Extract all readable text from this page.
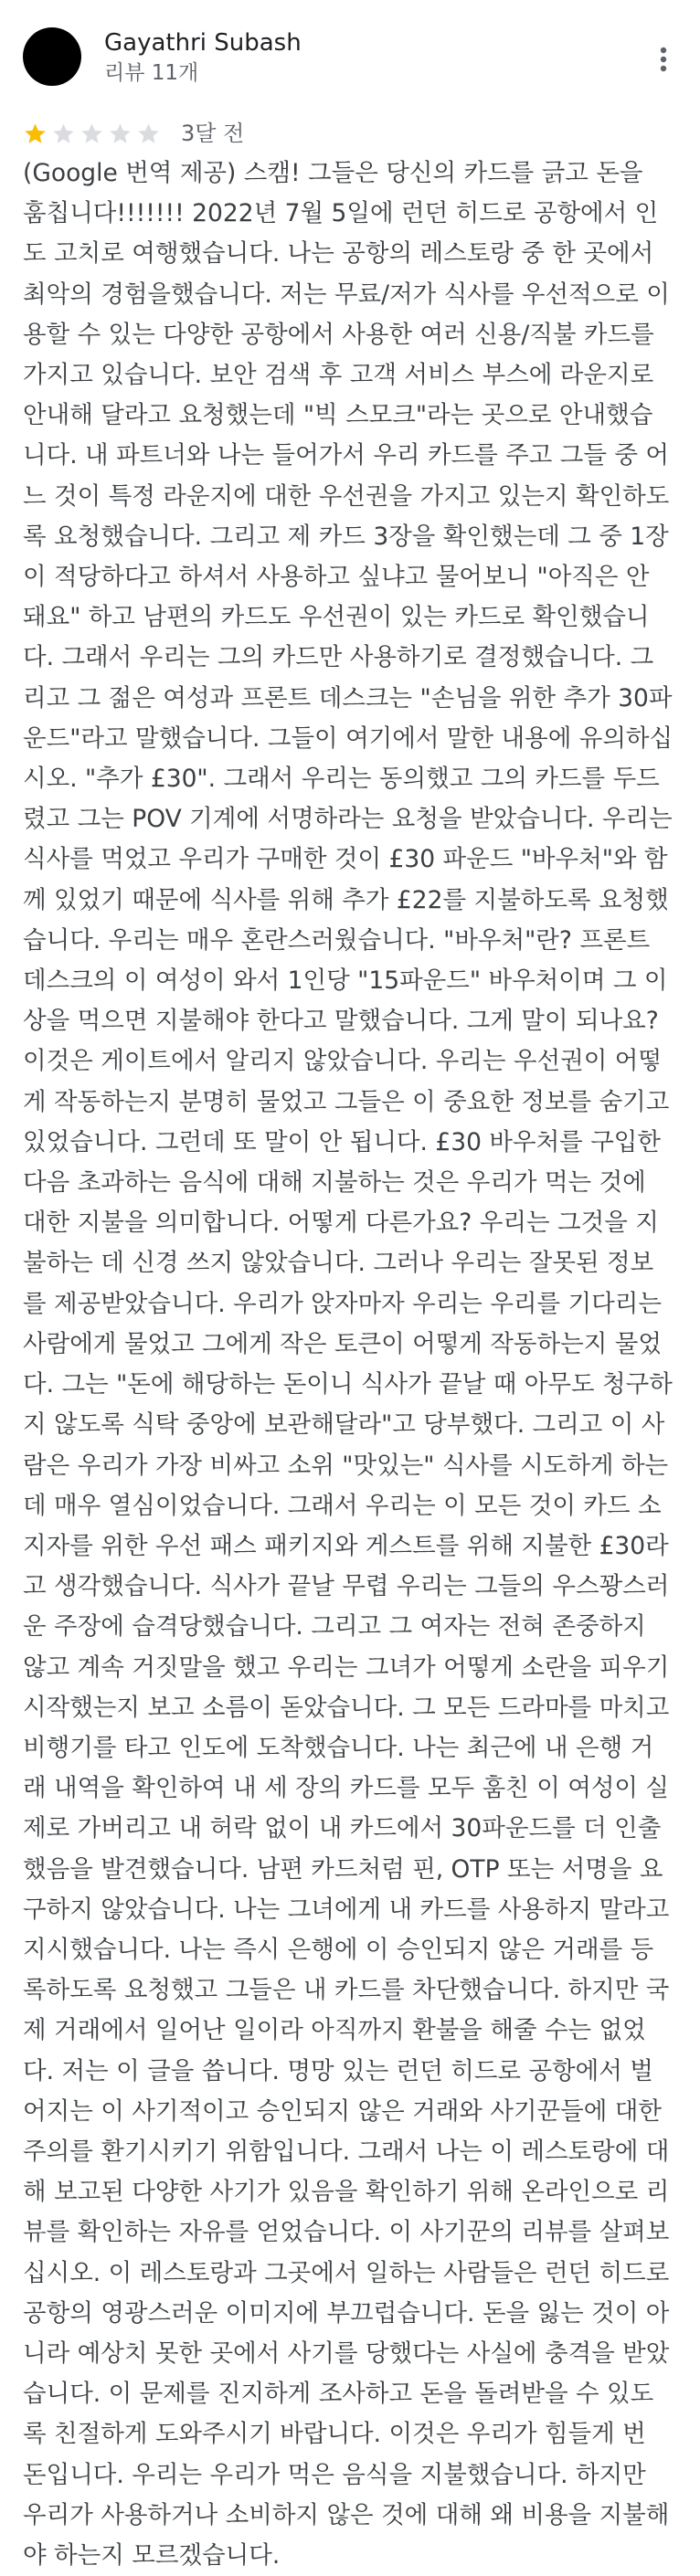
Gayathri Subash
리뷰 11개
3달 전

(Google 번역 제공) 스캠! 그들은 당신의 카드를 긁고 돈을 훔칩니다!!!!!!! 2022년 7월 5일에 런던 히드로 공항에서 인도 고치로 여행했습니다. 나는 공항의 레스토랑 중 한 곳에서 최악의 경험을했습니다. 저는 무료/저가 식사를 우선적으로 이용할 수 있는 다양한 공항에서 사용한 여러 신용/직불 카드를 가지고 있습니다. 보안 검색 후 고객 서비스 부스에 라운지로 안내해 달라고 요청했는데 "빅 스모크"라는 곳으로 안내했습니다. 내 파트너와 나는 들어가서 우리 카드를 주고 그들 중 어느 것이 특정 라운지에 대한 우선권을 가지고 있는지 확인하도록 요청했습니다. 그리고 제 카드 3장을 확인했는데 그 중 1장이 적당하다고 하셔서 사용하고 싶냐고 물어보니 "아직은 안 돼요" 하고 남편의 카드도 우선권이 있는 카드로 확인했습니다. 그래서 우리는 그의 카드만 사용하기로 결정했습니다. 그리고 그 젊은 여성과 프론트 데스크는 "손님을 위한 추가 30파운드"라고 말했습니다. 그들이 여기에서 말한 내용에 유의하십시오. "추가 £30". 그래서 우리는 동의했고 그의 카드를 두드렸고 그는 POV 기계에 서명하라는 요청을 받았습니다. 우리는 식사를 먹었고 우리가 구매한 것이 £30 파운드 "바우처"와 함께 있었기 때문에 식사를 위해 추가 £22를 지불하도록 요청했습니다. 우리는 매우 혼란스러웠습니다. "바우처"란? 프론트 데스크의 이 여성이 와서 1인당 "15파운드" 바우처이며 그 이상을 먹으면 지불해야 한다고 말했습니다. 그게 말이 되나요? 이것은 게이트에서 알리지 않았습니다. 우리는 우선권이 어떻게 작동하는지 분명히 물었고 그들은 이 중요한 정보를 숨기고 있었습니다. 그런데 또 말이 안 됩니다. £30 바우처를 구입한 다음 초과하는 음식에 대해 지불하는 것은 우리가 먹는 것에 대한 지불을 의미합니다. 어떻게 다른가요? 우리는 그것을 지불하는 데 신경 쓰지 않았습니다. 그러나 우리는 잘못된 정보를 제공받았습니다. 우리가 앉자마자 우리는 우리를 기다리는 사람에게 물었고 그에게 작은 토큰이 어떻게 작동하는지 물었다. 그는 "돈에 해당하는 돈이니 식사가 끝날 때 아무도 청구하지 않도록 식탁 중앙에 보관해달라"고 당부했다. 그리고 이 사람은 우리가 가장 비싸고 소위 "맛있는" 식사를 시도하게 하는 데 매우 열심이었습니다. 그래서 우리는 이 모든 것이 카드 소지자를 위한 우선 패스 패키지와 게스트를 위해 지불한 £30라고 생각했습니다. 식사가 끝날 무렵 우리는 그들의 우스꽝스러운 주장에 습격당했습니다. 그리고 그 여자는 전혀 존중하지 않고 계속 거짓말을 했고 우리는 그녀가 어떻게 소란을 피우기 시작했는지 보고 소름이 돋았습니다. 그 모든 드라마를 마치고 비행기를 타고 인도에 도착했습니다. 나는 최근에 내 은행 거래 내역을 확인하여 내 세 장의 카드를 모두 훔친 이 여성이 실제로 가버리고 내 허락 없이 내 카드에서 30파운드를 더 인출했음을 발견했습니다. 남편 카드처럼 핀, OTP 또는 서명을 요구하지 않았습니다. 나는 그녀에게 내 카드를 사용하지 말라고 지시했습니다. 나는 즉시 은행에 이 승인되지 않은 거래를 등록하도록 요청했고 그들은 내 카드를 차단했습니다. 하지만 국제 거래에서 일어난 일이라 아직까지 환불을 해줄 수는 없었다. 저는 이 글을 씁니다. 명망 있는 런던 히드로 공항에서 벌어지는 이 사기적이고 승인되지 않은 거래와 사기꾼들에 대한 주의를 환기시키기 위함입니다. 그래서 나는 이 레스토랑에 대해 보고된 다양한 사기가 있음을 확인하기 위해 온라인으로 리뷰를 확인하는 자유를 얻었습니다. 이 사기꾼의 리뷰를 살펴보십시오. 이 레스토랑과 그곳에서 일하는 사람들은 런던 히드로 공항의 영광스러운 이미지에 부끄럽습니다. 돈을 잃는 것이 아니라 예상치 못한 곳에서 사기를 당했다는 사실에 충격을 받았습니다. 이 문제를 진지하게 조사하고 돈을 돌려받을 수 있도록 친절하게 도와주시기 바랍니다. 이것은 우리가 힘들게 번 돈입니다. 우리는 우리가 먹은 음식을 지불했습니다. 하지만 우리가 사용하거나 소비하지 않은 것에 대해 왜 비용을 지불해야 하는지 모르겠습니다.
